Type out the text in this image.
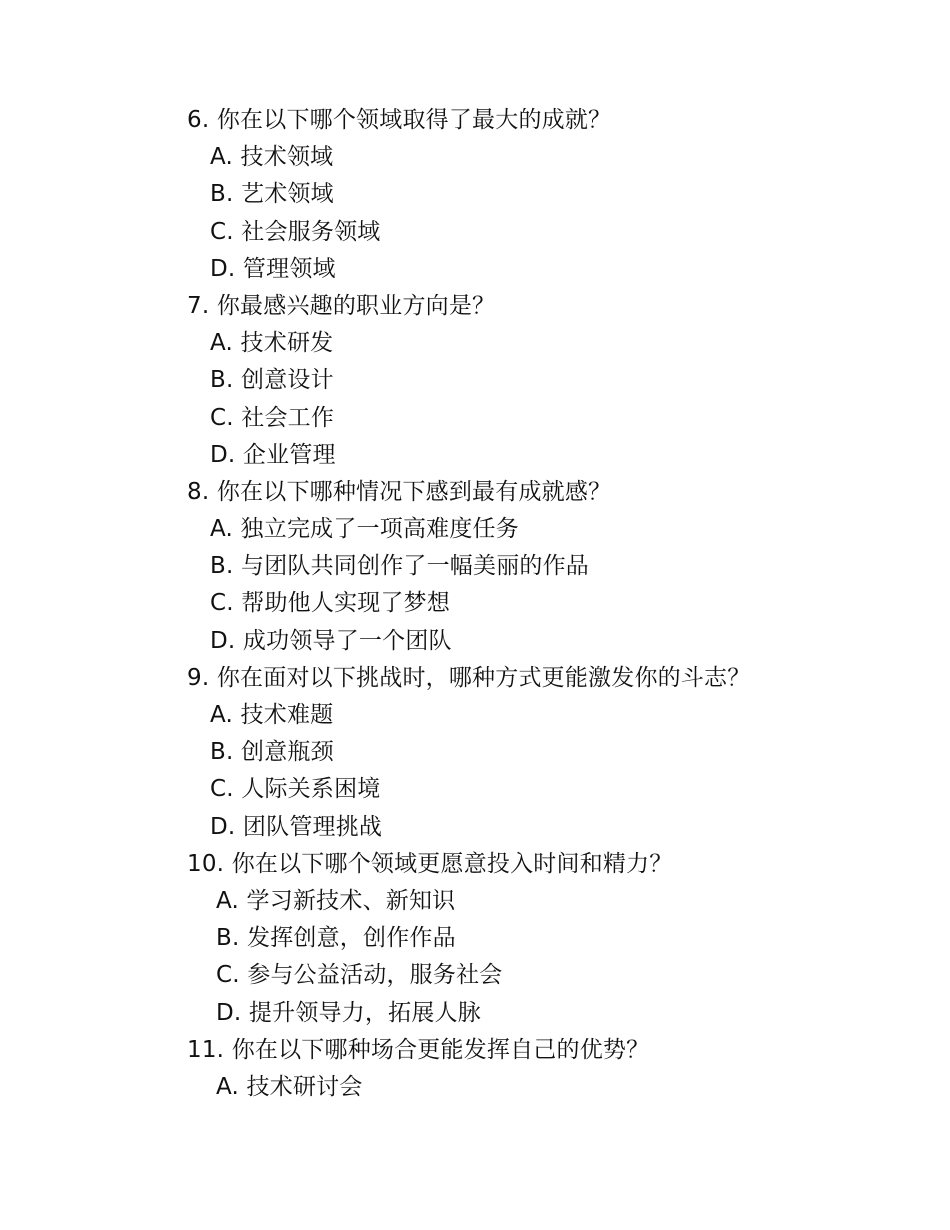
6. 你在以下哪个领域取得了最大的成就？
A. 技术领域
B. 艺术领域
C. 社会服务领域
D. 管理领域
7. 你最感兴趣的职业方向是？
A. 技术研发
B. 创意设计
C. 社会工作
D. 企业管理
8. 你在以下哪种情况下感到最有成就感？
A. 独立完成了一项高难度任务
B. 与团队共同创作了一幅美丽的作品
C. 帮助他人实现了梦想
D. 成功领导了一个团队
9. 你在面对以下挑战时，哪种方式更能激发你的斗志？
A. 技术难题
B. 创意瓶颈
C. 人际关系困境
D. 团队管理挑战
10. 你在以下哪个领域更愿意投入时间和精力？
A. 学习新技术、新知识
B. 发挥创意，创作作品
C. 参与公益活动，服务社会
D. 提升领导力，拓展人脉
11. 你在以下哪种场合更能发挥自己的优势？
A. 技术研讨会
